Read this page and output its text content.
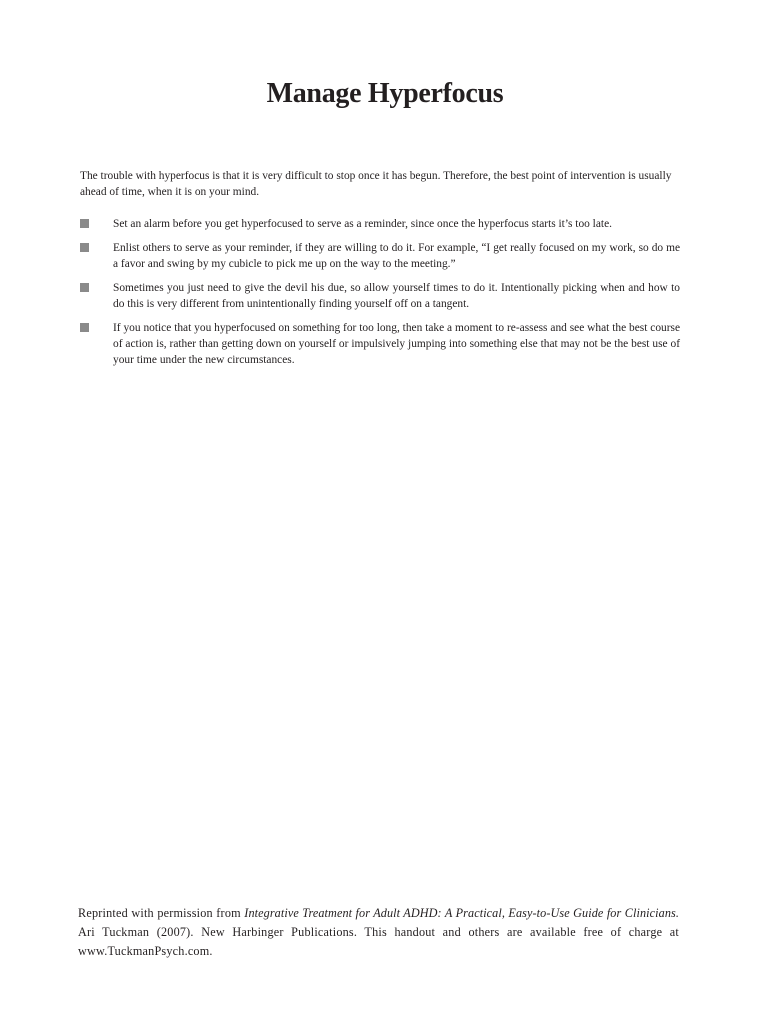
Manage Hyperfocus

The trouble with hyperfocus is that it is very difficult to stop once it has begun. Therefore, the best point of intervention is usually ahead of time, when it is on your mind.

Set an alarm before you get hyperfocused to serve as a reminder, since once the hyperfocus starts it’s too late.
Enlist others to serve as your reminder, if they are willing to do it. For example, “I get really focused on my work, so do me a favor and swing by my cubicle to pick me up on the way to the meeting.”
Sometimes you just need to give the devil his due, so allow yourself times to do it. Intentionally picking when and how to do this is very different from unintentionally finding yourself off on a tangent.
If you notice that you hyperfocused on something for too long, then take a moment to re-assess and see what the best course of action is, rather than getting down on yourself or impulsively jumping into something else that may not be the best use of your time under the new circumstances.

Reprinted with permission from Integrative Treatment for Adult ADHD: A Practical, Easy-to-Use Guide for Clinicians. Ari Tuckman (2007). New Harbinger Publications. This handout and others are available free of charge at www.TuckmanPsych.com.
